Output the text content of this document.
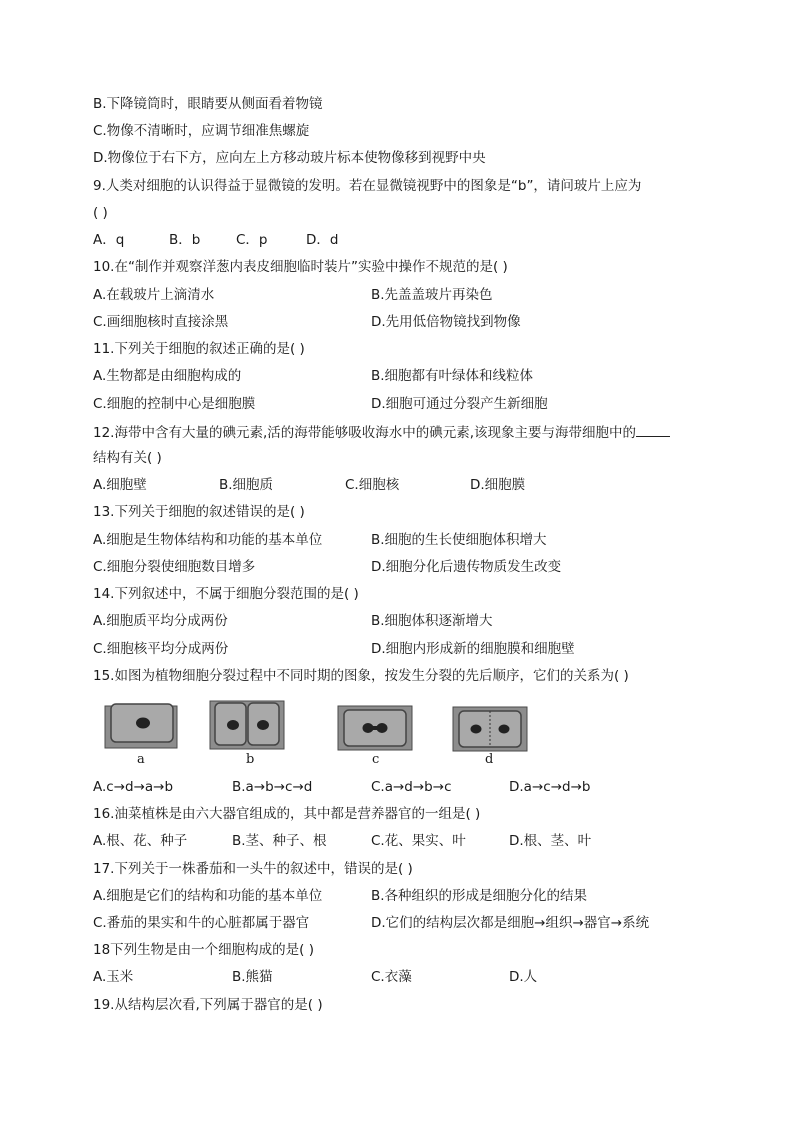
B.下降镜筒时，眼睛要从侧面看着物镜
C.物像不清晰时，应调节细准焦螺旋
D.物像位于右下方，应向左上方移动玻片标本使物像移到视野中央
9.人类对细胞的认识得益于显微镜的发明。若在显微镜视野中的图象是“b”，请问玻片上应为
( )
A．q	B．b	C．p	D．d
10.在“制作并观察洋葱内表皮细胞临时装片”实验中操作不规范的是( )
A.在载玻片上滴清水	B.先盖盖玻片再染色
C.画细胞核时直接涂黑	D.先用低倍物镜找到物像
11.下列关于细胞的叙述正确的是( )
A.生物都是由细胞构成的	B.细胞都有叶绿体和线粒体
C.细胞的控制中心是细胞膜	D.细胞可通过分裂产生新细胞
12.海带中含有大量的碘元素,活的海带能够吸收海水中的碘元素,该现象主要与海带细胞中的
结构有关( )
A.细胞壁	B.细胞质	C.细胞核	D.细胞膜
13.下列关于细胞的叙述错误的是( )
A.细胞是生物体结构和功能的基本单位	B.细胞的生长使细胞体积增大
C.细胞分裂使细胞数目增多	D.细胞分化后遗传物质发生改变
14.下列叙述中，不属于细胞分裂范围的是( )
A.细胞质平均分成两份	B.细胞体积逐渐增大
C.细胞核平均分成两份	D.细胞内形成新的细胞膜和细胞壁
15.如图为植物细胞分裂过程中不同时期的图象，按发生分裂的先后顺序，它们的关系为( )
a	b	c	d
A.c→d→a→b	B.a→b→c→d	C.a→d→b→c	D.a→c→d→b
16.油菜植株是由六大器官组成的，其中都是营养器官的一组是( )
A.根、花、种子	B.茎、种子、根	C.花、果实、叶	D.根、茎、叶
17.下列关于一株番茄和一头牛的叙述中，错误的是( )
A.细胞是它们的结构和功能的基本单位	B.各种组织的形成是细胞分化的结果
C.番茄的果实和牛的心脏都属于器官	D.它们的结构层次都是细胞→组织→器官→系统
18下列生物是由一个细胞构成的是( )
A.玉米	B.熊猫	C.衣藻	D.人
19.从结构层次看,下列属于器官的是( )
